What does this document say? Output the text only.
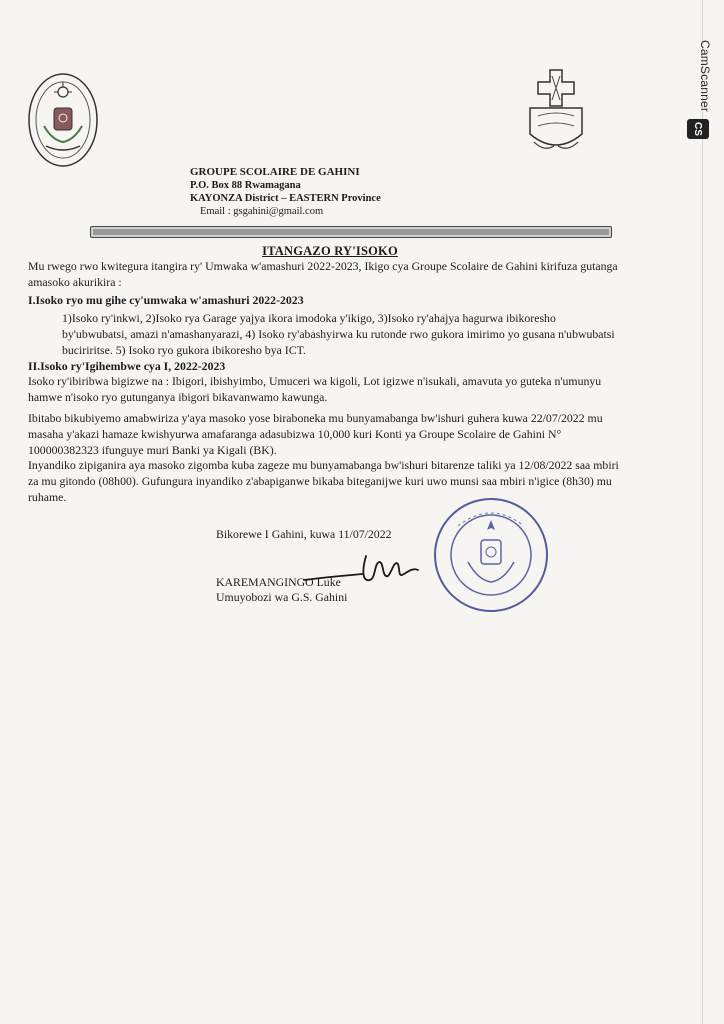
CamScanner
CS
GROUPE SCOLAIRE DE GAHINI
P.O. Box 88 Rwamagana
KAYONZA District – EASTERN Province
Email : gsgahini@gmail.com
ITANGAZO RY'ISOKO
Mu rwego rwo kwitegura itangira ry' Umwaka w'amashuri 2022-2023, Ikigo cya Groupe Scolaire de Gahini kirifuza gutanga amasoko akurikira :
I.Isoko ryo mu gihe cy'umwaka w'amashuri 2022-2023
1)Isoko ry'inkwi, 2)Isoko rya Garage yajya ikora imodoka y'ikigo, 3)Isoko ry'ahajya hagurwa ibikoresho by'ubwubatsi, amazi n'amashanyarazi, 4) Isoko ry'abashyirwa ku rutonde rwo gukora imirimo yo gusana n'ubwubatsi buciriritse. 5) Isoko ryo gukora ibikoresho bya ICT.
II.Isoko ry'Igihembwe cya I, 2022-2023
Isoko ry'ibiribwa bigizwe na : Ibigori, ibishyimbo, Umuceri wa kigoli, Lot igizwe n'isukali, amavuta yo guteka n'umunyu hamwe n'isoko ryo gutunganya ibigori bikavanwamo kawunga.
Ibitabo bikubiyemo amabwiriza y'aya masoko yose biraboneka mu bunyamabanga bw'ishuri guhera kuwa 22/07/2022 mu masaha y'akazi hamaze kwishyurwa amafaranga adasubizwa 10,000 kuri Konti ya Groupe Scolaire de Gahini N° 100000382323 ifunguye muri Banki ya Kigali (BK).
Inyandiko zipiganira aya masoko zigomba kuba zageze mu bunyamabanga bw'ishuri bitarenze taliki ya 12/08/2022 saa mbiri za mu gitondo (08h00). Gufungura inyandiko z'abapiganwe bikaba biteganijwe kuri uwo munsi saa mbiri n'igice (8h30) mu ruhame.
Bikorewe I Gahini, kuwa 11/07/2022
KAREMANGINGO Luke
Umuyobozi wa G.S. Gahini
